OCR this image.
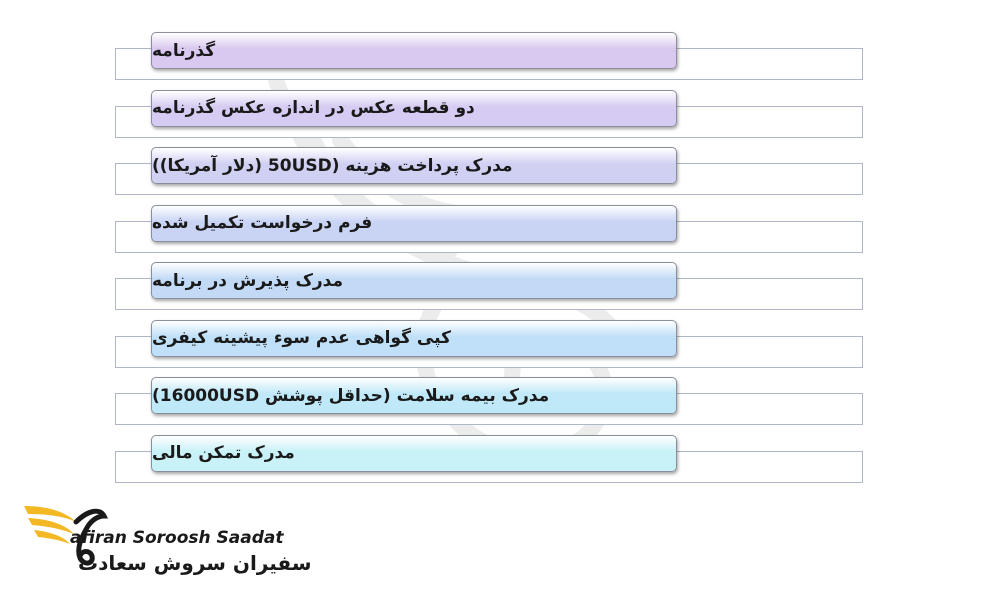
گذرنامه
دو قطعه عکس در اندازه عکس گذرنامه
مدرک پرداخت هزینه (50USD (دلار آمریکا))
فرم درخواست تکمیل شده
مدرک پذیرش در برنامه
کپی گواهی عدم سوء پیشینه کیفری
مدرک بیمه سلامت (حداقل پوشش 16000USD)
مدرک تمکن مالی
afiran Soroosh Saadat
سفیران سروش سعادت
